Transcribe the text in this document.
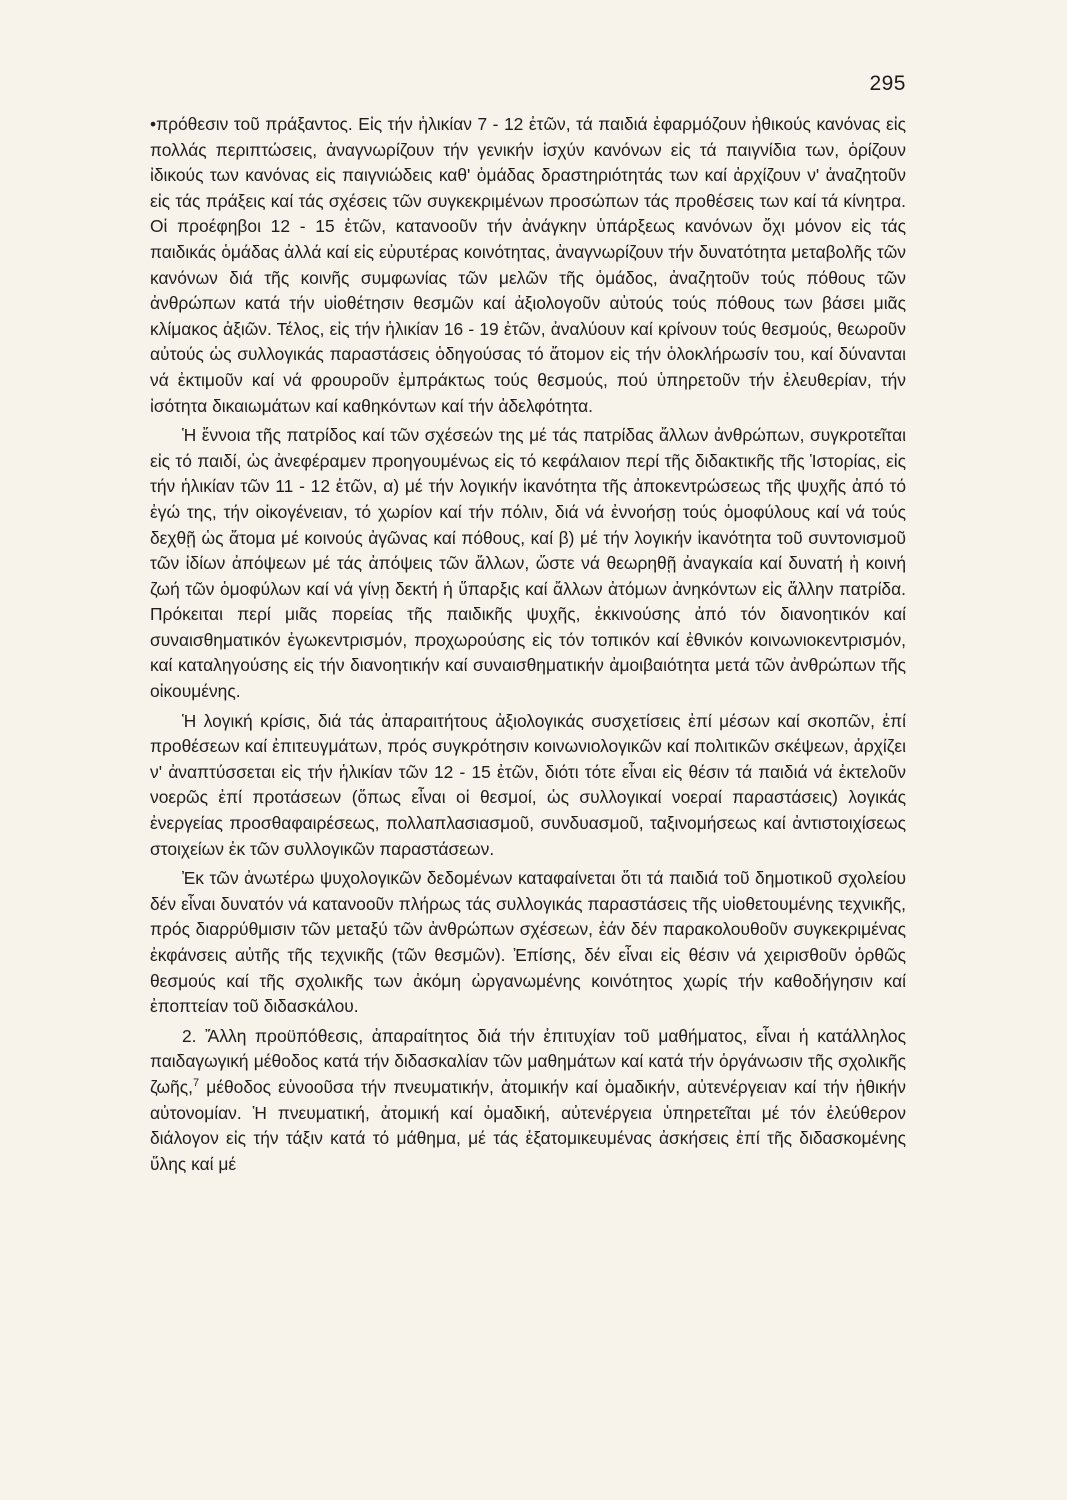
295

•πρόθεσιν τοῦ πράξαντος. Εἰς τήν ἡλικίαν 7 - 12 ἐτῶν, τά παιδιά ἐφαρμόζουν ἠθικούς κανόνας εἰς πολλάς περιπτώσεις, ἀναγνωρίζουν τήν γενικήν ἰσχύν κανόνων εἰς τά παιγνίδια των, ὁρίζουν ἰδικούς των κανόνας εἰς παιγνιώδεις καθ' ὁμάδας δραστηριότητάς των καί ἀρχίζουν ν' ἀναζητοῦν εἰς τάς πράξεις καί τάς σχέσεις τῶν συγκεκριμένων προσώπων τάς προθέσεις των καί τά κίνητρα. Οἱ προέφηβοι 12 - 15 ἐτῶν, κατανοοῦν τήν ἀνάγκην ὑπάρξεως κανόνων ὄχι μόνον εἰς τάς παιδικάς ὁμάδας ἀλλά καί εἰς εὐρυτέρας κοινότητας, ἀναγνωρίζουν τήν δυνατότητα μεταβολῆς τῶν κανόνων διά τῆς κοινῆς συμφωνίας τῶν μελῶν τῆς ὁμάδος, ἀναζητοῦν τούς πόθους τῶν ἀνθρώπων κατά τήν υἱοθέτησιν θεσμῶν καί ἀξιολογοῦν αὐτούς τούς πόθους των βάσει μιᾶς κλίμακος ἀξιῶν. Τέλος, εἰς τήν ἡλικίαν 16 - 19 ἐτῶν, ἀναλύουν καί κρίνουν τούς θεσμούς, θεωροῦν αὐτούς ὡς συλλογικάς παραστάσεις ὁδηγούσας τό ἄτομον εἰς τήν ὁλοκλήρωσίν του, καί δύνανται νά ἐκτιμοῦν καί νά φρουροῦν ἐμπράκτως τούς θεσμούς, πού ὑπηρετοῦν τήν ἐλευθερίαν, τήν ἰσότητα δικαιωμάτων καί καθηκόντων καί τήν ἀδελφότητα.

Ἡ ἔννοια τῆς πατρίδος καί τῶν σχέσεών της μέ τάς πατρίδας ἄλλων ἀνθρώπων, συγκροτεῖται εἰς τό παιδί, ὡς ἀνεφέραμεν προηγουμένως εἰς τό κεφάλαιον περί τῆς διδακτικῆς τῆς Ἱστορίας, εἰς τήν ἡλικίαν τῶν 11 - 12 ἐτῶν, α) μέ τήν λογικήν ἱκανότητα τῆς ἀποκεντρώσεως τῆς ψυχῆς ἀπό τό ἐγώ της, τήν οἰκογένειαν, τό χωρίον καί τήν πόλιν, διά νά ἐννοήσῃ τούς ὁμοφύλους καί νά τούς δεχθῇ ὡς ἄτομα μέ κοινούς ἀγῶνας καί πόθους, καί β) μέ τήν λογικήν ἱκανότητα τοῦ συντονισμοῦ τῶν ἰδίων ἀπόψεων μέ τάς ἀπόψεις τῶν ἄλλων, ὥστε νά θεωρηθῇ ἀναγκαία καί δυνατή ἡ κοινή ζωή τῶν ὁμοφύλων καί νά γίνῃ δεκτή ἡ ὕπαρξις καί ἄλλων ἀτόμων ἀνηκόντων εἰς ἄλλην πατρίδα. Πρόκειται περί μιᾶς πορείας τῆς παιδικῆς ψυχῆς, ἐκκινούσης ἀπό τόν διανοητικόν καί συναισθηματικόν ἐγωκεντρισμόν, προχωρούσης εἰς τόν τοπικόν καί ἐθνικόν κοινωνιοκεντρισμόν, καί καταληγούσης εἰς τήν διανοητικήν καί συναισθηματικήν ἀμοιβαιότητα μετά τῶν ἀνθρώπων τῆς οἰκουμένης.

Ἡ λογική κρίσις, διά τάς ἀπαραιτήτους ἀξιολογικάς συσχετίσεις ἐπί μέσων καί σκοπῶν, ἐπί προθέσεων καί ἐπιτευγμάτων, πρός συγκρότησιν κοινωνιολογικῶν καί πολιτικῶν σκέψεων, ἀρχίζει ν' ἀναπτύσσεται εἰς τήν ἡλικίαν τῶν 12 - 15 ἐτῶν, διότι τότε εἶναι εἰς θέσιν τά παιδιά νά ἐκτελοῦν νοερῶς ἐπί προτάσεων (ὅπως εἶναι οἱ θεσμοί, ὡς συλλογικαί νοεραί παραστάσεις) λογικάς ἐνεργείας προσθαφαιρέσεως, πολλαπλασιασμοῦ, συνδυασμοῦ, ταξινομήσεως καί ἀντιστοιχίσεως στοιχείων ἐκ τῶν συλλογικῶν παραστάσεων.

Ἐκ τῶν ἀνωτέρω ψυχολογικῶν δεδομένων καταφαίνεται ὅτι τά παιδιά τοῦ δημοτικοῦ σχολείου δέν εἶναι δυνατόν νά κατανοοῦν πλήρως τάς συλλογικάς παραστάσεις τῆς υἱοθετουμένης τεχνικῆς, πρός διαρρύθμισιν τῶν μεταξύ τῶν ἀνθρώπων σχέσεων, ἐάν δέν παρακολουθοῦν συγκεκριμένας ἐκφάνσεις αὐτῆς τῆς τεχνικῆς (τῶν θεσμῶν). Ἐπίσης, δέν εἶναι εἰς θέσιν νά χειρισθοῦν ὀρθῶς θεσμούς καί τῆς σχολικῆς των ἀκόμη ὠργανωμένης κοινότητος χωρίς τήν καθοδήγησιν καί ἐποπτείαν τοῦ διδασκάλου.

2. Ἄλλη προϋπόθεσις, ἀπαραίτητος διά τήν ἐπιτυχίαν τοῦ μαθήματος, εἶναι ἡ κατάλληλος παιδαγωγική μέθοδος κατά τήν διδασκαλίαν τῶν μαθημάτων καί κατά τήν ὀργάνωσιν τῆς σχολικῆς ζωῆς,$^7$ μέθοδος εὐνοοῦσα τήν πνευματικήν, ἀτομικήν καί ὁμαδικήν, αὐτενέργειαν καί τήν ἠθικήν αὐτονομίαν. Ἡ πνευματική, ἀτομική καί ὁμαδική, αὐτενέργεια ὑπηρετεῖται μέ τόν ἐλεύθερον διάλογον εἰς τήν τάξιν κατά τό μάθημα, μέ τάς ἐξατομικευμένας ἀσκήσεις ἐπί τῆς διδασκομένης ὕλης καί μέ
